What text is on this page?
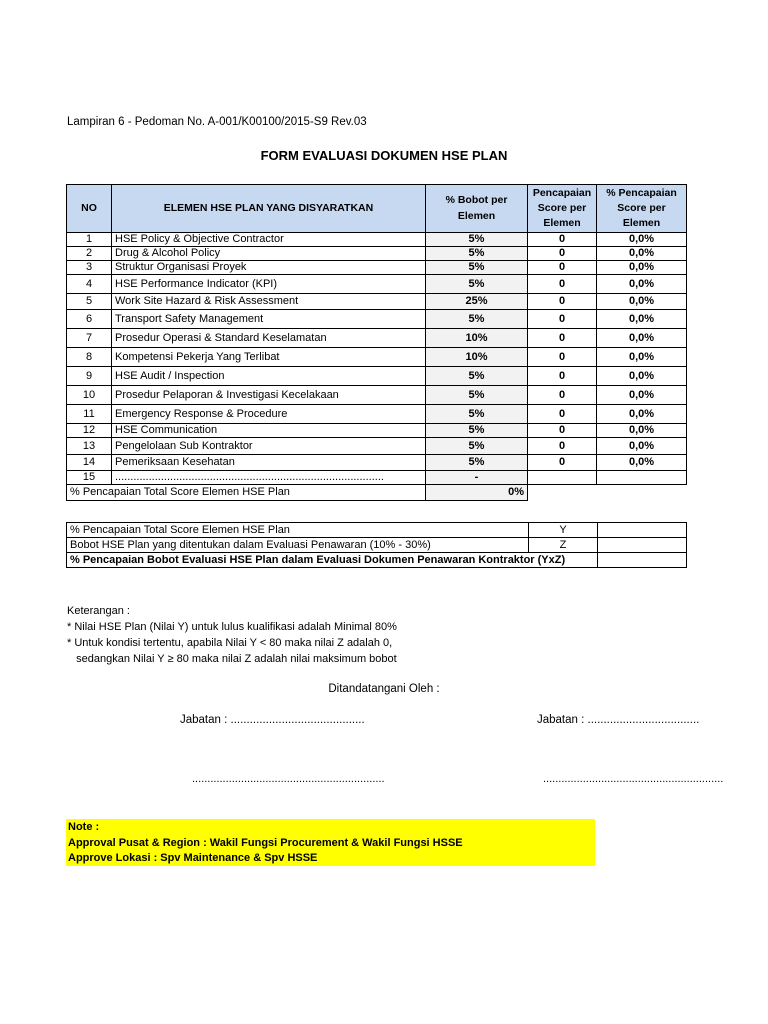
Lampiran 6 - Pedoman No. A-001/K00100/2015-S9 Rev.03
FORM EVALUASI DOKUMEN HSE PLAN
NO	ELEMEN HSE PLAN YANG DISYARATKAN	% Bobot per Elemen	Pencapaian Score per Elemen	% Pencapaian Score per Elemen
1	HSE Policy & Objective Contractor	5%	0	0,0%
2	Drug & Alcohol Policy	5%	0	0,0%
3	Struktur Organisasi Proyek	5%	0	0,0%
4	HSE Performance Indicator (KPI)	5%	0	0,0%
5	Work Site Hazard & Risk Assessment	25%	0	0,0%
6	Transport Safety Management	5%	0	0,0%
7	Prosedur Operasi & Standard Keselamatan	10%	0	0,0%
8	Kompetensi Pekerja Yang Terlibat	10%	0	0,0%
9	HSE Audit / Inspection	5%	0	0,0%
10	Prosedur Pelaporan & Investigasi Kecelakaan	5%	0	0,0%
11	Emergency Response & Procedure	5%	0	0,0%
12	HSE Communication	5%	0	0,0%
13	Pengelolaan Sub Kontraktor	5%	0	0,0%
14	Pemeriksaan Kesehatan	5%	0	0,0%
15	........................................................................................	-		
% Pencapaian Total Score Elemen HSE Plan		0%		
% Pencapaian Total Score Elemen HSE Plan	Y	
Bobot HSE Plan yang ditentukan dalam Evaluasi Penawaran (10% - 30%)	Z	
% Pencapaian Bobot Evaluasi HSE Plan dalam Evaluasi Dokumen Penawaran Kontraktor (YxZ)		
Keterangan :
* Nilai HSE Plan (Nilai Y) untuk lulus kualifikasi adalah Minimal 80%
* Untuk kondisi tertentu, apabila Nilai Y < 80 maka nilai Z adalah 0,
sedangkan Nilai Y ≥ 80 maka nilai Z adalah nilai maksimum bobot
Ditandatangani Oleh :
Jabatan : ..........................................	Jabatan : ...................................
...............................................................	...........................................................
Note :
Approval Pusat & Region : Wakil Fungsi Procurement & Wakil Fungsi HSSE
Approve Lokasi : Spv Maintenance & Spv HSSE
